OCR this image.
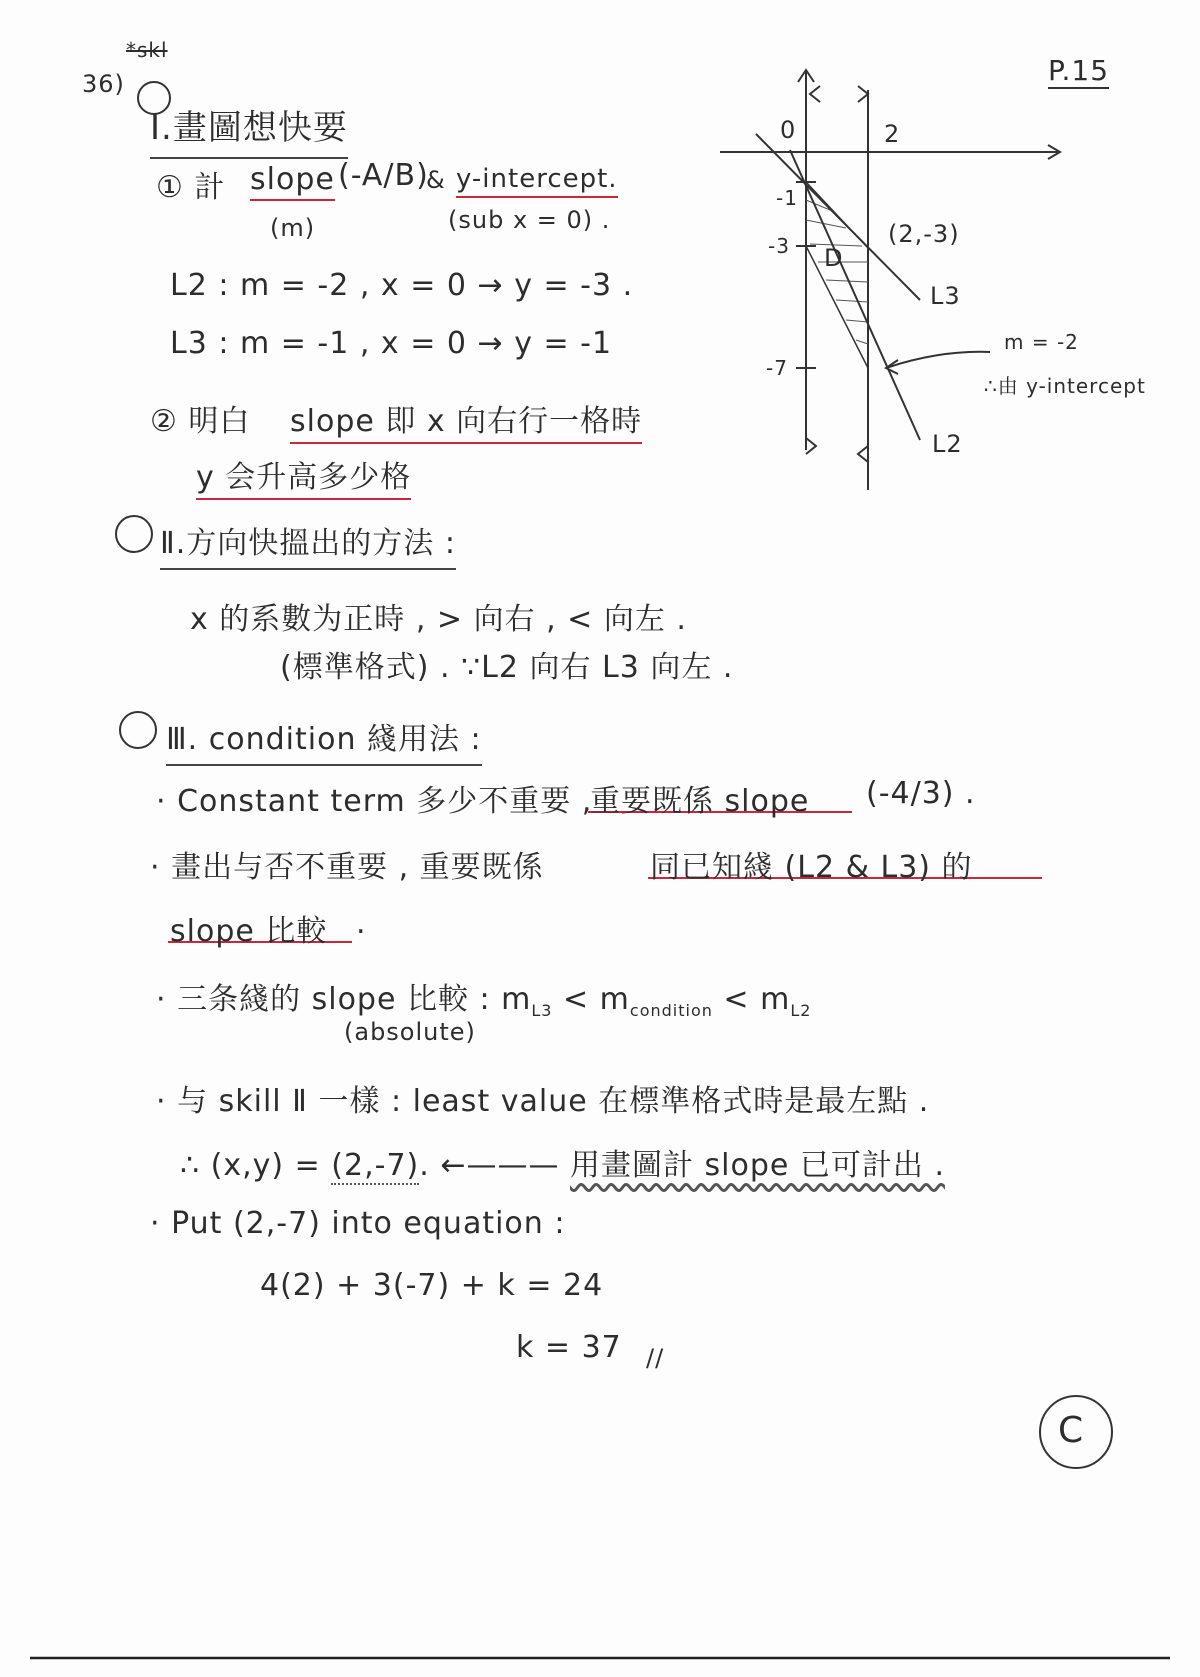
36)
*skl
P.15
Ⅰ.畫圖想快要
① 計 slope (-A/B)
& y-intercept.
(m)	(sub x = 0) .
L2 : m = -2 , x = 0 → y = -3 .
L3 : m = -1 , x = 0 → y = -1
② 明白 slope 即 x 向右行一格時
y 会升高多少格
0	2
-1
-3
-7
(2,-3)
D
L3
L2
m = -2
∴由 y-intercept
Ⅱ.方向快搵出的方法 :
x 的系數为正時 , > 向右 , < 向左 .
(標準格式) . ∵L2 向右 L3 向左 .
Ⅲ. condition 綫用法 :
· Constant term 多少不重要 ,
重要既係 slope (-4/3) .
· 畫出与否不重要 , 重要既係	同已知綫 (L2 & L3) 的
slope 比較 .
· 三条綫的 slope 比較 : $m_{L3} < m_{condition} < m_{L2}$
(absolute)
· 与 skill Ⅱ 一樣 : least value 在標準格式時是最左點 .
∴ (x,y) = (2,-7). ←——— 用畫圖計 slope 已可計出 .
· Put (2,-7) into equation :
4(2) + 3(-7) + k = 24
k = 37 //
C
